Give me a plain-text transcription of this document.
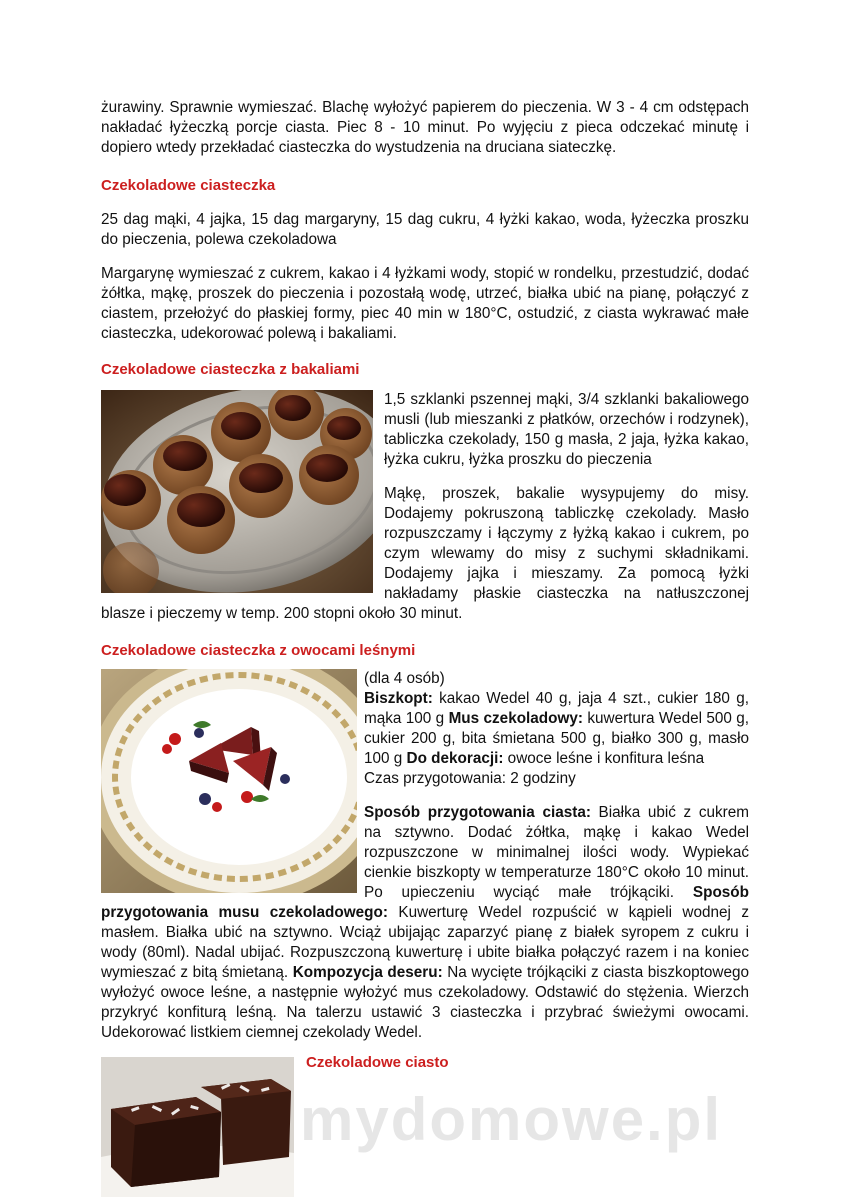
żurawiny. Sprawnie wymieszać. Blachę wyłożyć papierem do pieczenia. W 3 - 4 cm odstępach nakładać łyżeczką porcje ciasta. Piec 8 - 10 minut. Po wyjęciu z pieca odczekać minutę i dopiero wtedy przekładać ciasteczka do wystudzenia na druciana siateczkę.

Czekoladowe ciasteczka

25 dag mąki, 4 jajka, 15 dag margaryny, 15 dag cukru, 4 łyżki kakao, woda, łyżeczka proszku do pieczenia, polewa czekoladowa

Margarynę wymieszać z cukrem, kakao i 4 łyżkami wody, stopić w rondelku, przestudzić, dodać żółtka, mąkę, proszek do pieczenia i pozostałą wodę, utrzeć, białka ubić na pianę, połączyć z ciastem, przełożyć do płaskiej formy, piec 40 min w 180°C, ostudzić, z ciasta wykrawać małe ciasteczka, udekorować polewą i bakaliami.

Czekoladowe ciasteczka z bakaliami

1,5 szklanki pszennej mąki, 3/4 szklanki bakaliowego musli (lub mieszanki z płatków, orzechów i rodzynek), tabliczka czekolady, 150 g masła, 2 jaja, łyżka kakao, łyżka cukru, łyżka proszku do pieczenia

Mąkę, proszek, bakalie wysypujemy do misy. Dodajemy pokruszoną tabliczkę czekolady. Masło rozpuszczamy i łączymy z łyżką kakao i cukrem, po czym wlewamy do misy z suchymi składnikami. Dodajemy jajka i mieszamy. Za pomocą łyżki nakładamy płaskie ciasteczka na natłuszczonej blasze i pieczemy w temp. 200 stopni około 30 minut.

Czekoladowe ciasteczka z owocami leśnymi

(dla 4 osób)

Biszkopt: kakao Wedel 40 g, jaja 4 szt., cukier 180 g, mąka 100 g Mus czekoladowy: kuwertura Wedel 500 g, cukier 200 g, bita śmietana 500 g, białko 300 g, masło 100 g Do dekoracji: owoce leśne i konfitura leśna

Czas przygotowania: 2 godziny

Sposób przygotowania ciasta: Białka ubić z cukrem na sztywno. Dodać żółtka, mąkę i kakao Wedel rozpuszczone w minimalnej ilości wody. Wypiekać cienkie biszkopty w temperaturze 180°C około 10 minut. Po upieczeniu wyciąć małe trójkąciki. Sposób przygotowania musu czekoladowego: Kuwerturę Wedel rozpuścić w kąpieli wodnej z masłem. Białka ubić na sztywno. Wciąż ubijając zaparzyć pianę z białek syropem z cukru i wody (80ml). Nadal ubijać. Rozpuszczoną kuwerturę i ubite białka połączyć razem i na koniec wymieszać z bitą śmietaną. Kompozycja deseru: Na wycięte trójkąciki z ciasta biszkoptowego wyłożyć owoce leśne, a następnie wyłożyć mus czekoladowy. Odstawić do stężenia. Wierzch przykryć konfiturą leśną. Na talerzu ustawić 3 ciasteczka i przybrać świeżymi owocami. Udekorować listkiem ciemnej czekolady Wedel.

Czekoladowe ciasto
mydomowe.pl
